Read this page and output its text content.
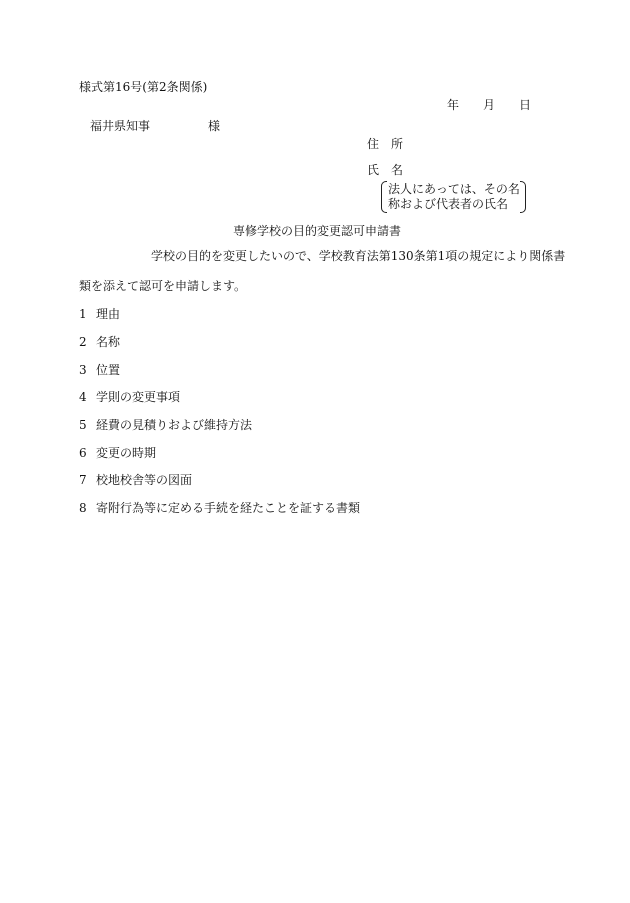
様式第16号(第2条関係)
年 月 日
福井県知事	様
住 所
氏 名
法人にあっては、その名
称および代表者の氏名
専修学校の目的変更認可申請書
学校の目的を変更したいので、学校教育法第130条第1項の規定により関係書
類を添えて認可を申請します。
1 理由
2 名称
3 位置
4 学則の変更事項
5 経費の見積りおよび維持方法
6 変更の時期
7 校地校舎等の図面
8 寄附行為等に定める手続を経たことを証する書類
